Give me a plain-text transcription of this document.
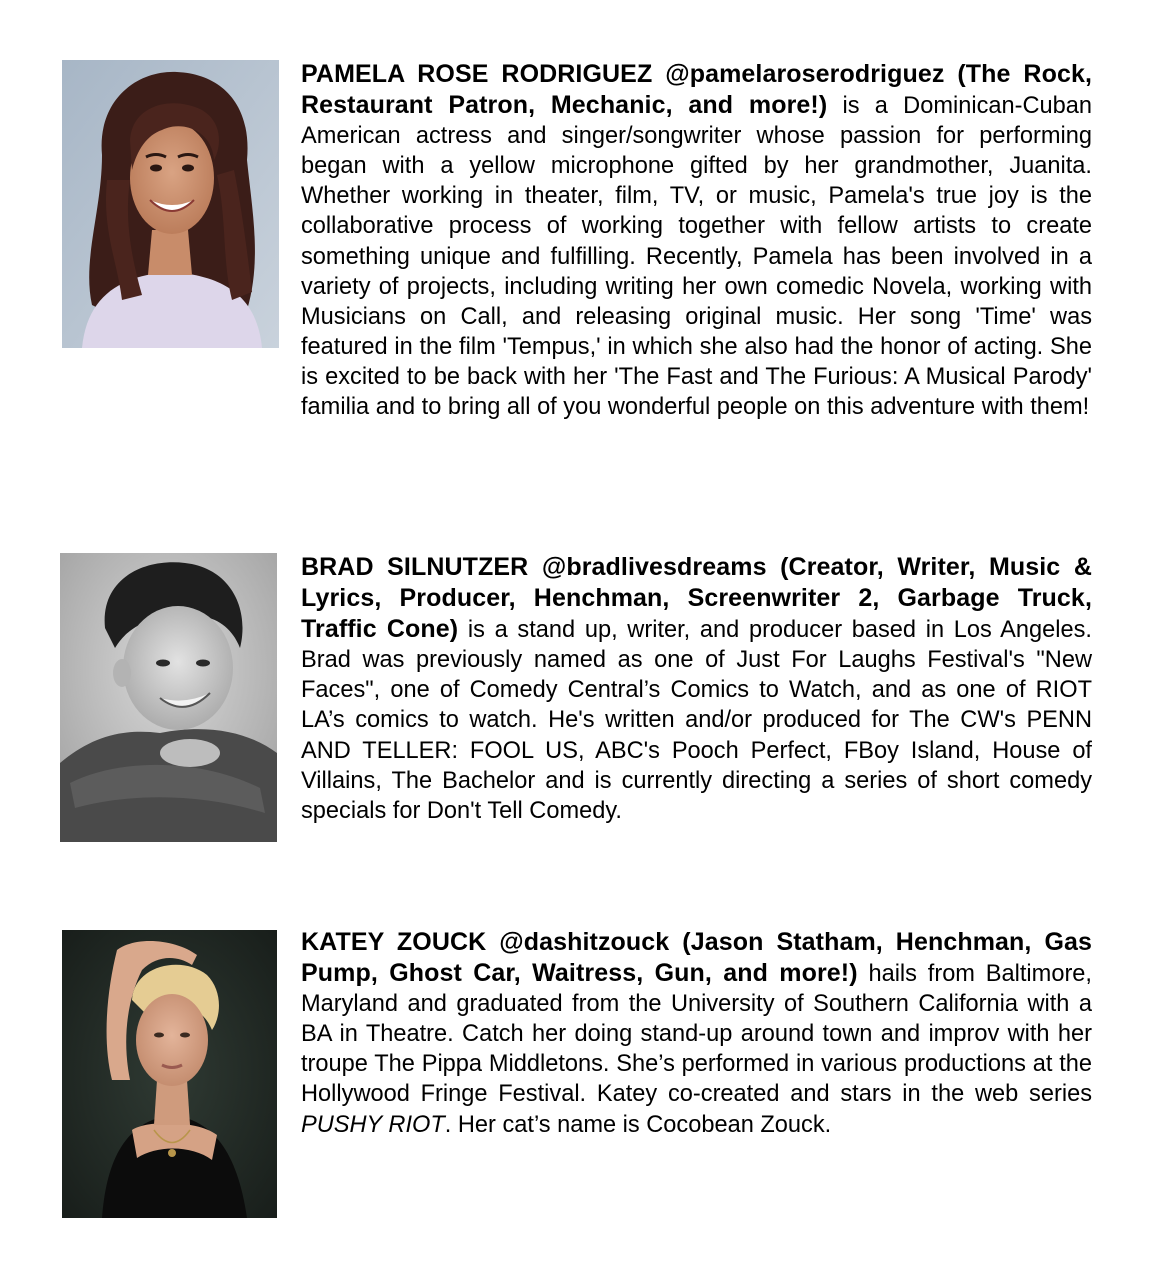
PAMELA ROSE RODRIGUEZ @pamelaroserodriguez (The Rock, Restaurant Patron, Mechanic, and more!) is a Dominican-Cuban American actress and singer/songwriter whose passion for performing began with a yellow microphone gifted by her grandmother, Juanita. Whether working in theater, film, TV, or music, Pamela's true joy is the collaborative process of working together with fellow artists to create something unique and fulfilling. Recently, Pamela has been involved in a variety of projects, including writing her own comedic Novela, working with Musicians on Call, and releasing original music. Her song 'Time' was featured in the film 'Tempus,' in which she also had the honor of acting. She is excited to be back with her 'The Fast and The Furious: A Musical Parody' familia and to bring all of you wonderful people on this adventure with them!
BRAD SILNUTZER @bradlivesdreams (Creator, Writer, Music & Lyrics, Producer, Henchman, Screenwriter 2, Garbage Truck, Traffic Cone) is a stand up, writer, and producer based in Los Angeles. Brad was previously named as one of Just For Laughs Festival's "New Faces", one of Comedy Central’s Comics to Watch, and as one of RIOT LA’s comics to watch. He's written and/or produced for The CW's PENN AND TELLER: FOOL US, ABC's Pooch Perfect, FBoy Island, House of Villains, The Bachelor and is currently directing a series of short comedy specials for Don't Tell Comedy.
KATEY ZOUCK @dashitzouck (Jason Statham, Henchman, Gas Pump, Ghost Car, Waitress, Gun, and more!) hails from Baltimore, Maryland and graduated from the University of Southern California with a BA in Theatre. Catch her doing stand-up around town and improv with her troupe The Pippa Middletons. She’s performed in various productions at the Hollywood Fringe Festival. Katey co-created and stars in the web series PUSHY RIOT. Her cat’s name is Cocobean Zouck.
